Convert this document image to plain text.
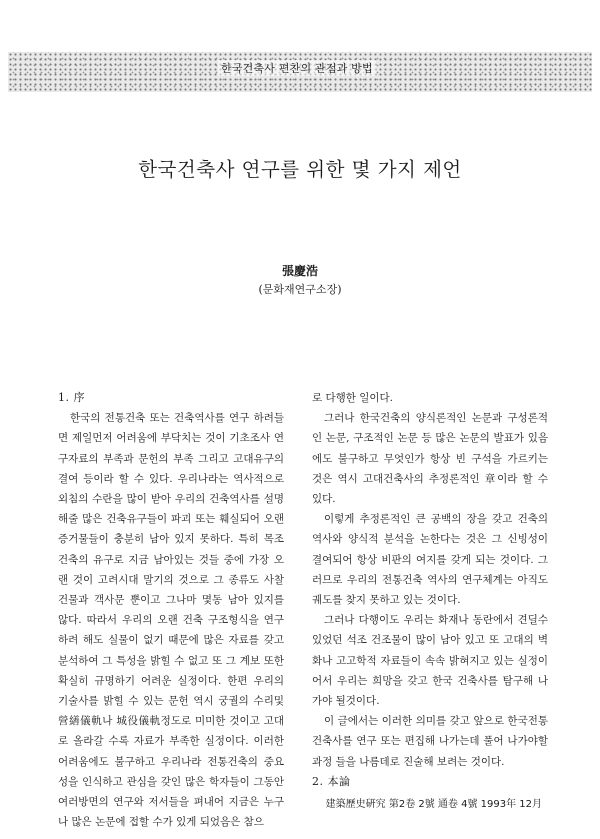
한국건축사 편찬의 관점과 방법
한국건축사 연구를 위한 몇 가지 제언
張慶浩
(문화재연구소장)

1. 序

한국의 전통건축 또는 건축역사를 연구 하려들면 제일먼저 어려움에 부닥치는 것이 기초조사 연구자료의 부족과 문헌의 부족 그리고 고대유구의 결여 등이라 할 수 있다. 우리나라는 역사적으로 외침의 수란을 많이 받아 우리의 건축역사를 설명해줄 많은 건축유구들이 파괴 또는 훼실되어 오랜 증거물들이 충분히 남아 있지 못하다. 특히 목조건축의 유구로 지금 남아있는 것들 중에 가장 오랜 것이 고려시대 말기의 것으로 그 종류도 사찰건물과 객사문 뿐이고 그나마 몇동 남아 있지를 않다. 따라서 우리의 오랜 건축 구조형식을 연구하려 해도 실물이 없기 때문에 많은 자료를 갖고 분석하여 그 특성을 밝힐 수 없고 또 그 계보 또한 확실히 규명하기 어려운 실정이다. 한편 우리의 기술사를 밝힐 수 있는 문헌 역시 궁궐의 수리및 營繕儀軌나 城役儀軌정도로 미미한 것이고 고대로 올라갈 수록 자료가 부족한 실정이다. 이러한 어려움에도 불구하고 우리나라 전통건축의 중요성을 인식하고 관심을 갖인 많은 학자들이 그동안 여러방면의 연구와 저서들을 펴내어 지금은 누구나 많은 논문에 접할 수가 있게 되었음은 참으

로 다행한 일이다.

그러나 한국건축의 양식론적인 논문과 구성론적인 논문, 구조적인 논문 등 많은 논문의 발표가 있음에도 불구하고 무엇인가 항상 빈 구석을 가르키는 것은 역시 고대건축사의 추정론적인 章이라 할 수 있다.

이렇게 추정론적인 큰 공백의 장을 갖고 건축의 역사와 양식적 분석을 논한다는 것은 그 신빙성이 결여되어 항상 비판의 여지를 갖게 되는 것이다. 그러므로 우리의 전통건축 역사의 연구체계는 아직도 궤도를 찾지 못하고 있는 것이다.

그러나 다행이도 우리는 화재나 동란에서 견딜수 있었던 석조 건조물이 많이 남아 있고 또 고대의 벽화나 고고학적 자료들이 속속 밝혀지고 있는 실정이어서 우리는 희망을 갖고 한국 건축사를 탐구해 나가야 될것이다.

이 글에서는 이러한 의미를 갖고 앞으로 한국전통건축사를 연구 또는 편집해 나가는데 풀어 나가야할 과정 들을 나름데로 진술해 보려는 것이다.

2. 本論

建築歷史硏究 第2卷 2號 通卷 4號 1993年 12月
